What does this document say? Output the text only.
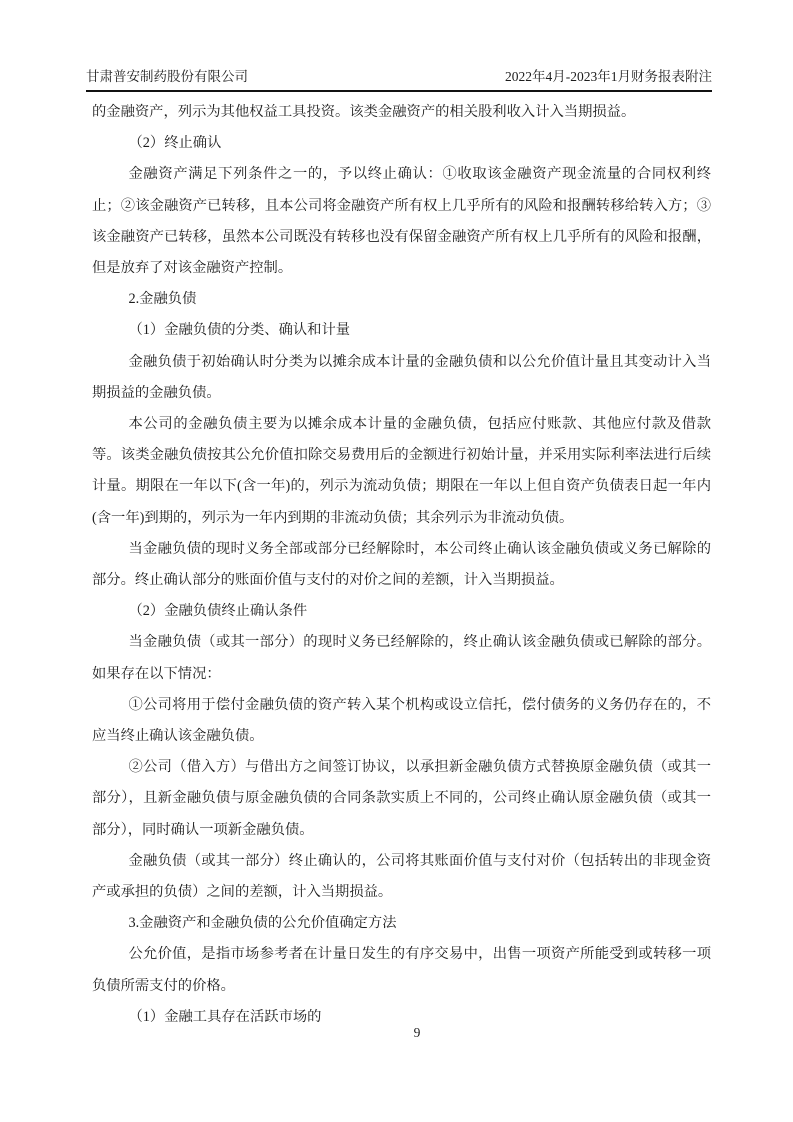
甘肃普安制药股份有限公司	2022年4月-2023年1月财务报表附注

的金融资产，列示为其他权益工具投资。该类金融资产的相关股利收入计入当期损益。

（2）终止确认

金融资产满足下列条件之一的，予以终止确认：①收取该金融资产现金流量的合同权利终止；②该金融资产已转移，且本公司将金融资产所有权上几乎所有的风险和报酬转移给转入方；③该金融资产已转移，虽然本公司既没有转移也没有保留金融资产所有权上几乎所有的风险和报酬，但是放弃了对该金融资产控制。

2.金融负债

（1）金融负债的分类、确认和计量

金融负债于初始确认时分类为以摊余成本计量的金融负债和以公允价值计量且其变动计入当期损益的金融负债。

本公司的金融负债主要为以摊余成本计量的金融负债，包括应付账款、其他应付款及借款等。该类金融负债按其公允价值扣除交易费用后的金额进行初始计量，并采用实际利率法进行后续计量。期限在一年以下(含一年)的，列示为流动负债；期限在一年以上但自资产负债表日起一年内(含一年)到期的，列示为一年内到期的非流动负债；其余列示为非流动负债。

当金融负债的现时义务全部或部分已经解除时，本公司终止确认该金融负债或义务已解除的部分。终止确认部分的账面价值与支付的对价之间的差额，计入当期损益。

（2）金融负债终止确认条件

当金融负债（或其一部分）的现时义务已经解除的，终止确认该金融负债或已解除的部分。如果存在以下情况：

①公司将用于偿付金融负债的资产转入某个机构或设立信托，偿付债务的义务仍存在的，不应当终止确认该金融负债。

②公司（借入方）与借出方之间签订协议，以承担新金融负债方式替换原金融负债（或其一部分），且新金融负债与原金融负债的合同条款实质上不同的，公司终止确认原金融负债（或其一部分），同时确认一项新金融负债。

金融负债（或其一部分）终止确认的，公司将其账面价值与支付对价（包括转出的非现金资产或承担的负债）之间的差额，计入当期损益。

3.金融资产和金融负债的公允价值确定方法

公允价值，是指市场参考者在计量日发生的有序交易中，出售一项资产所能受到或转移一项负债所需支付的价格。

（1）金融工具存在活跃市场的

9
